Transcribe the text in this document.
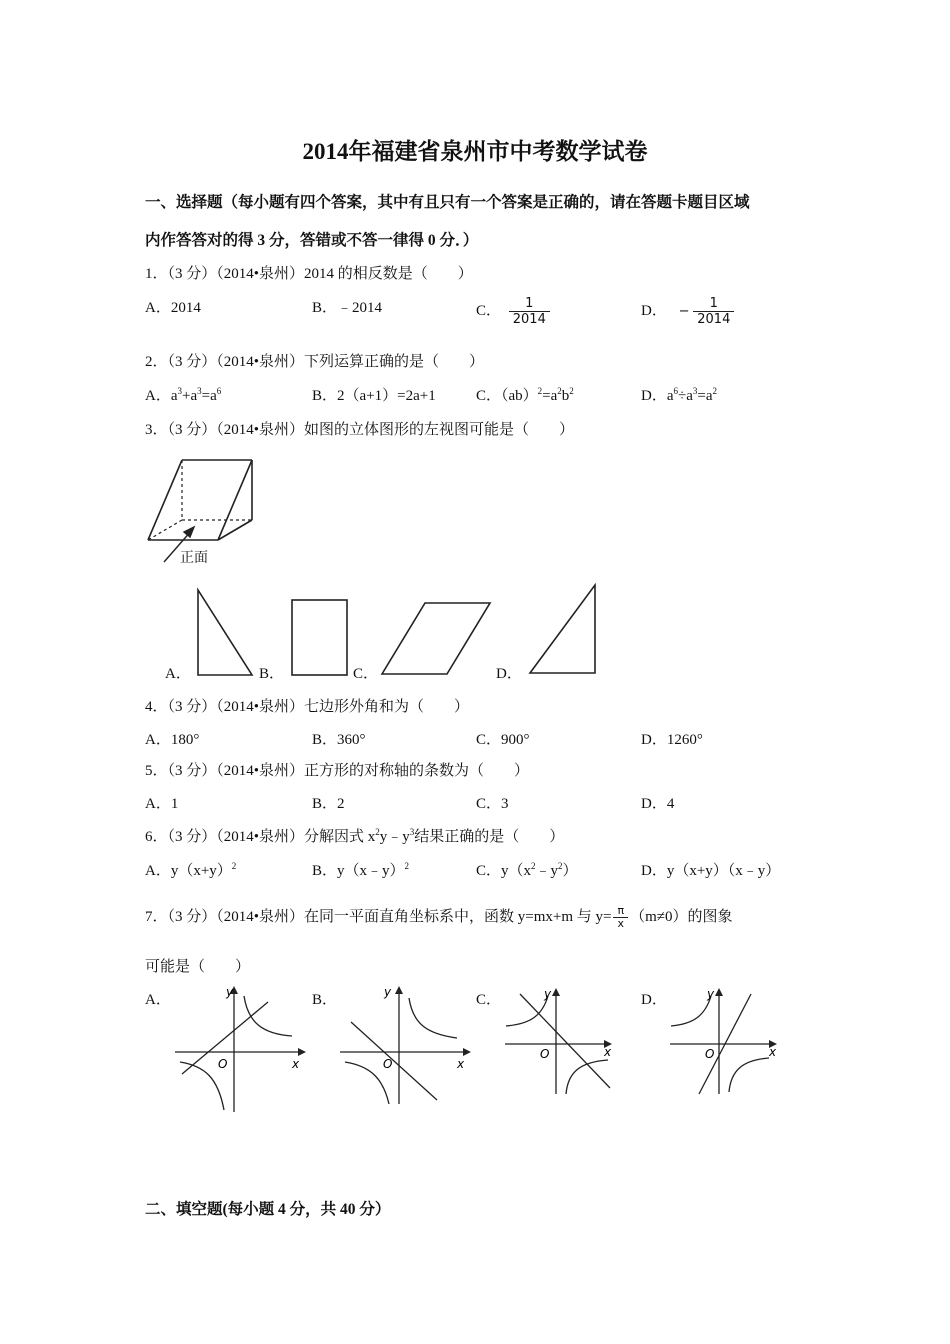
2014年福建省泉州市中考数学试卷
一、选择题（每小题有四个答案，其中有且只有一个答案是正确的，请在答题卡题目区域
内作答答对的得 3 分，答错或不答一律得 0 分．）
1．（3 分）（2014•泉州）2014 的相反数是（　　）
A．2014	B．﹣2014	C． $\frac{1}{2014}$	D． − $\frac{1}{2014}$
2．（3 分）（2014•泉州）下列运算正确的是（　　）
A．$a^3+a^3=a^6$	B．2（a+1）=2a+1	C．$(ab)^2=a^2b^2$	D．$a^6\div a^3=a^2$
3．（3 分）（2014•泉州）如图的立体图形的左视图可能是（　　）
正面
A．	B．	C．	D．
4．（3 分）（2014•泉州）七边形外角和为（　　）
A．180°	B．360°	C．900°	D．1260°
5．（3 分）（2014•泉州）正方形的对称轴的条数为（　　）
A．1	B．2	C．3	D．4
6．（3 分）（2014•泉州）分解因式 $x^2y﹣y^3$结果正确的是（　　）
A．$y(x+y)^2$	B．y（x﹣y）$^2$	C．$y(x^2﹣y^2)$	D．y（x+y）（x﹣y）
7．（3 分）（2014•泉州）在同一平面直角坐标系中，函数 y=mx+m 与 $y= \frac{\pi}{x} (m\ne 0)$的图象
可能是（　　）
A．	B．	C．	D．
y
x
O
y
x
O
y
x
O
y
x
O
二、填空题(每小题 4 分，共 40 分）
